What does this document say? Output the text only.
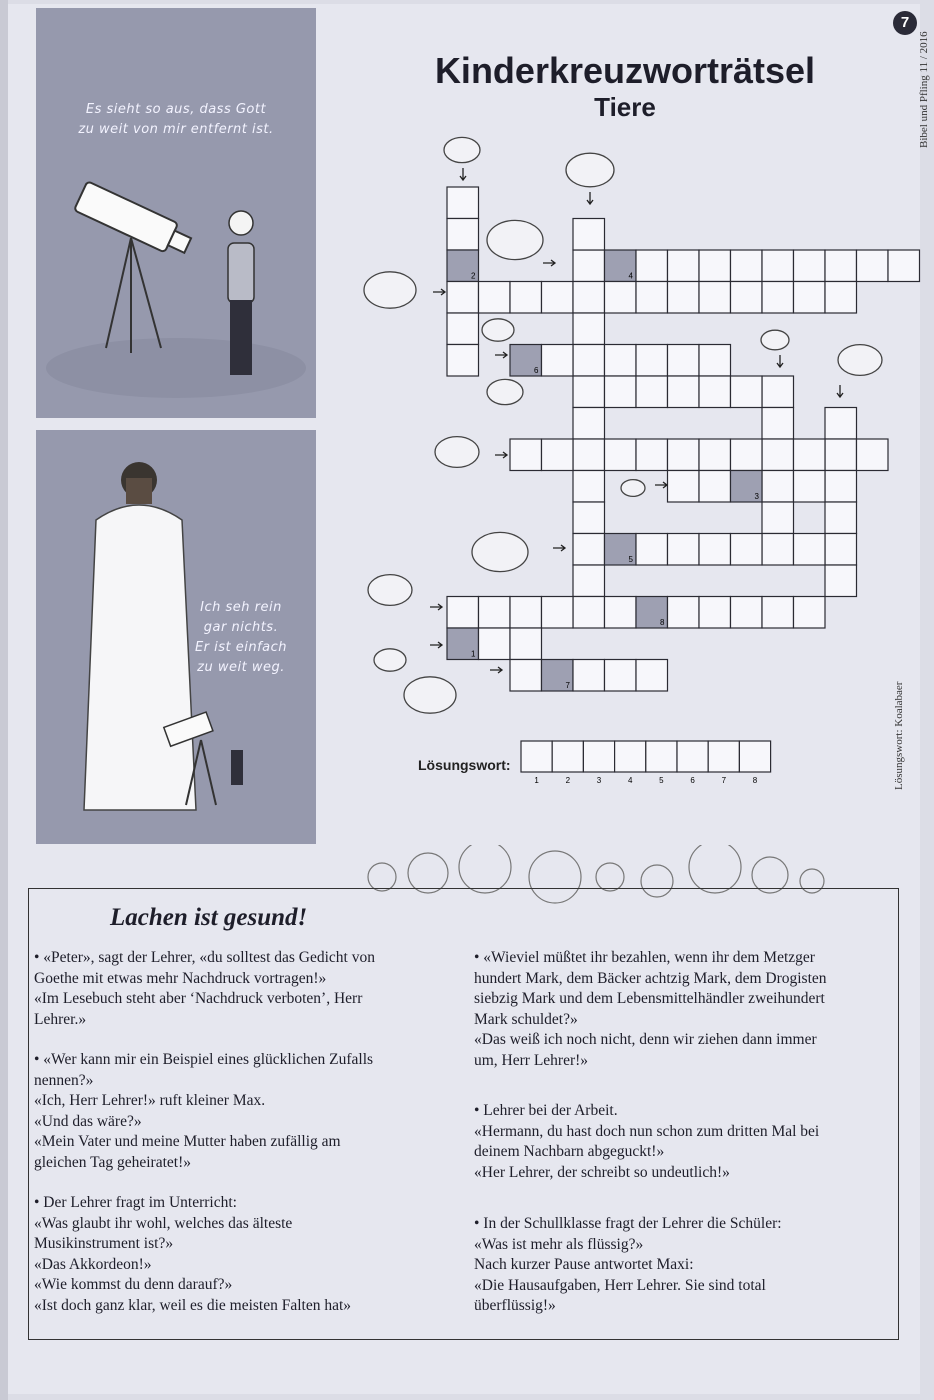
Es sieht so aus, dass Gott
zu weit von mir entfernt ist.
Ich seh rein
gar nichts.
Er ist einfach
zu weit weg.
7
Bibel und Pfling 11 / 2016
Lösungswort: Koalabaer
Kinderkreuzworträtsel
Tiere
2	4
6
3
5
8
1
7
1	2	3	4	5	6	7	8
Lösungswort:
Lachen ist gesund!
• «Peter», sagt der Lehrer, «du solltest das Gedicht von
Goethe mit etwas mehr Nachdruck vortragen!»
«Im Lesebuch steht aber ‘Nachdruck verboten’, Herr
Lehrer.»
• «Wer kann mir ein Beispiel eines glücklichen Zufalls
nennen?»
«Ich, Herr Lehrer!» ruft kleiner Max.
«Und das wäre?»
«Mein Vater und meine Mutter haben zufällig am
gleichen Tag geheiratet!»
• Der Lehrer fragt im Unterricht:
«Was glaubt ihr wohl, welches das älteste
Musikinstrument ist?»
«Das Akkordeon!»
«Wie kommst du denn darauf?»
«Ist doch ganz klar, weil es die meisten Falten hat»
• «Wieviel müßtet ihr bezahlen, wenn ihr dem Metzger
hundert Mark, dem Bäcker achtzig Mark, dem Drogisten
siebzig Mark und dem Lebensmittelhändler zweihundert
Mark schuldet?»
«Das weiß ich noch nicht, denn wir ziehen dann immer
um, Herr Lehrer!»
• Lehrer bei der Arbeit.
«Hermann, du hast doch nun schon zum dritten Mal bei
deinem Nachbarn abgeguckt!»
«Her Lehrer, der schreibt so undeutlich!»
• In der Schullklasse fragt der Lehrer die Schüler:
«Was ist mehr als flüssig?»
Nach kurzer Pause antwortet Maxi:
«Die Hausaufgaben, Herr Lehrer. Sie sind total
überflüssig!»
